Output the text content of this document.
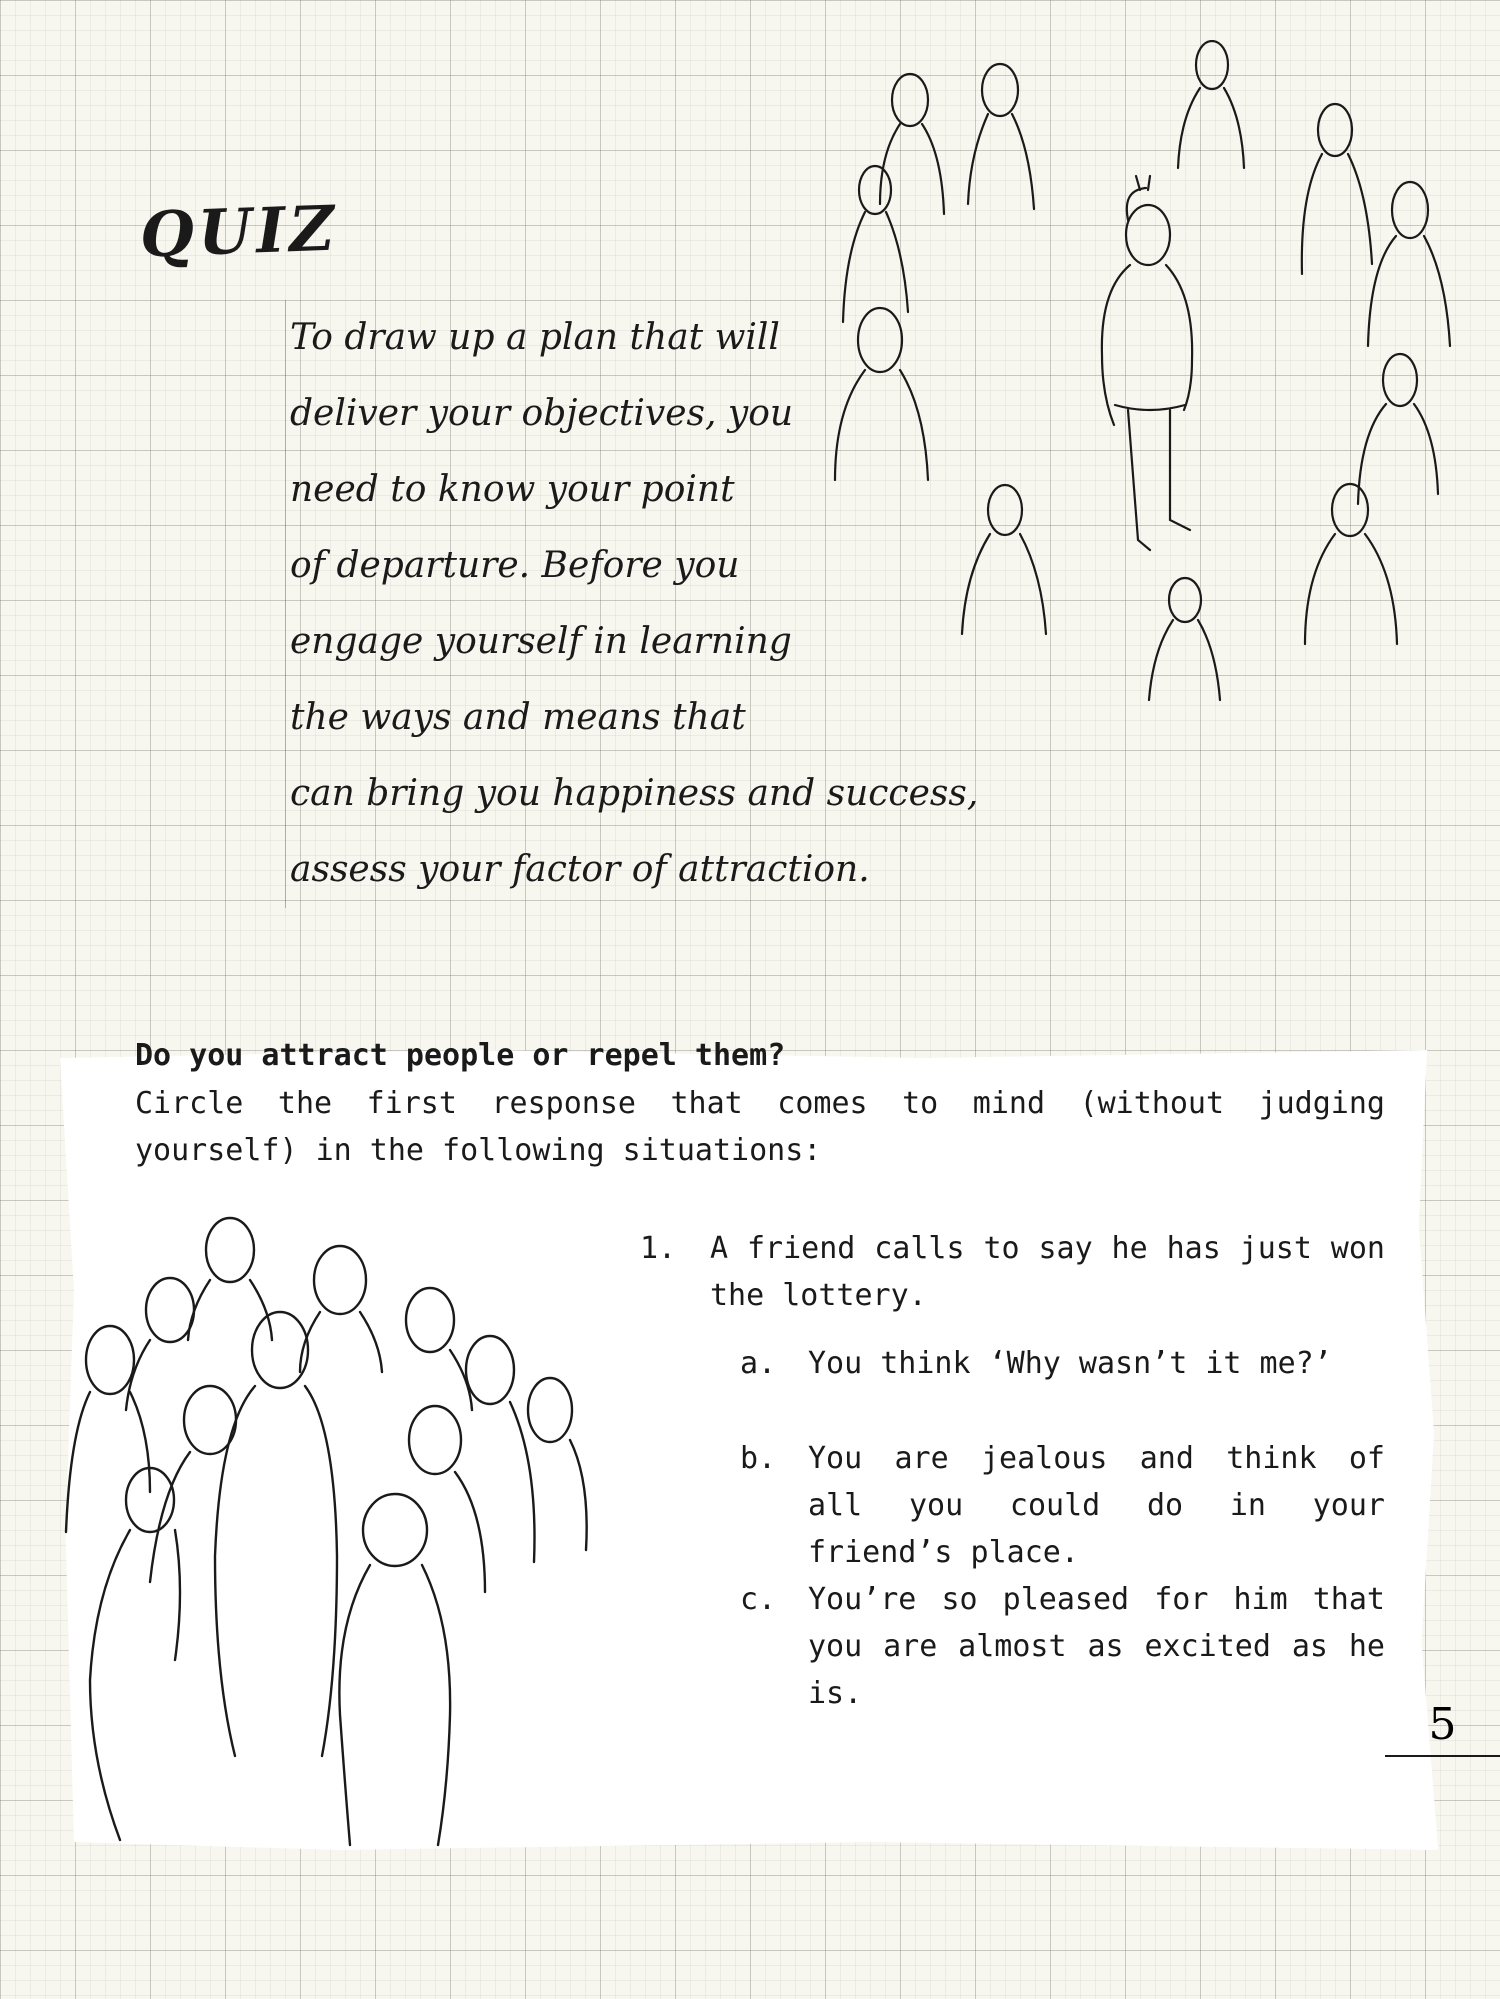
QUIZ
To draw up a plan that will
deliver your objectives, you
need to know your point
of departure. Before you
engage yourself in learning
the ways and means that
can bring you happiness and success,
assess your factor of attraction.
Do you attract people or repel them?

Circle the first response that comes to mind (without judging yourself) in the following situations:

1.	A friend calls to say he has just won the lottery.
a.	You think ‘Why wasn’t it me?’
b.	You are jealous and think of all you could do in your friend’s place.
c.	You’re so pleased for him that you are almost as excited as he is.
5
